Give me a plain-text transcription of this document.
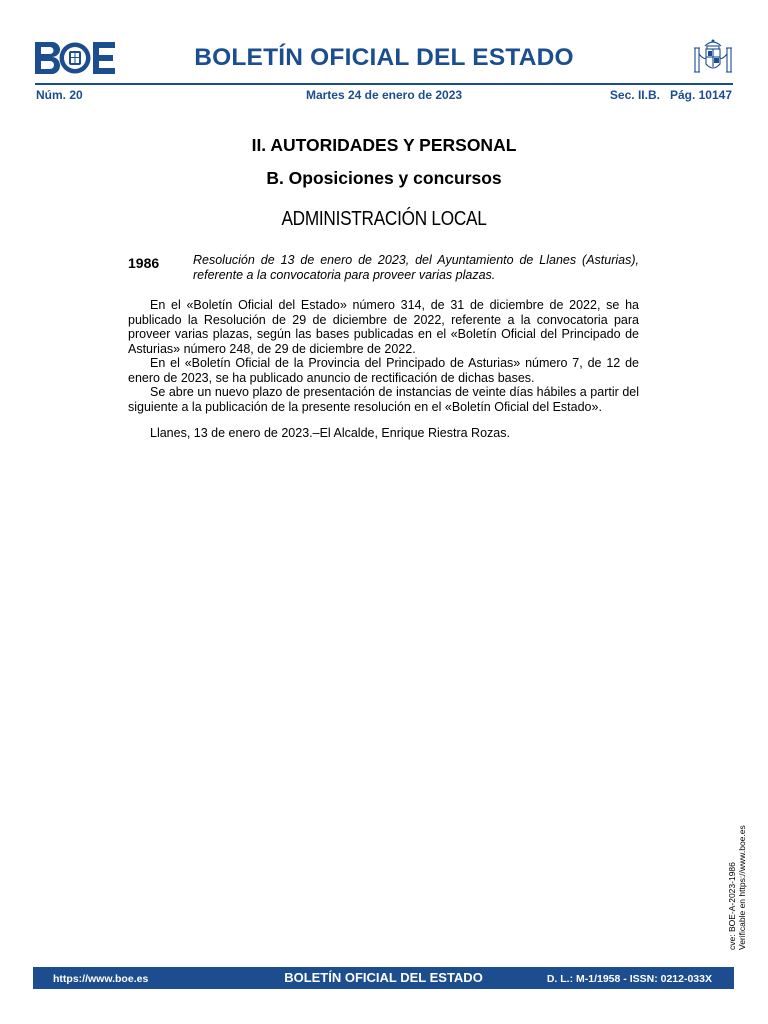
BOLETÍN OFICIAL DEL ESTADO
Núm. 20	Martes 24 de enero de 2023	Sec. II.B. Pág. 10147
II. AUTORIDADES Y PERSONAL
B. Oposiciones y concursos
ADMINISTRACIÓN LOCAL
1986	Resolución de 13 de enero de 2023, del Ayuntamiento de Llanes (Asturias), referente a la convocatoria para proveer varias plazas.

En el «Boletín Oficial del Estado» número 314, de 31 de diciembre de 2022, se ha publicado la Resolución de 29 de diciembre de 2022, referente a la convocatoria para proveer varias plazas, según las bases publicadas en el «Boletín Oficial del Principado de Asturias» número 248, de 29 de diciembre de 2022.

En el «Boletín Oficial de la Provincia del Principado de Asturias» número 7, de 12 de enero de 2023, se ha publicado anuncio de rectificación de dichas bases.

Se abre un nuevo plazo de presentación de instancias de veinte días hábiles a partir del siguiente a la publicación de la presente resolución en el «Boletín Oficial del Estado».

Llanes, 13 de enero de 2023.–El Alcalde, Enrique Riestra Rozas.

cve: BOE-A-2023-1986 Verificable en https://www.boe.es
https://www.boe.es	BOLETÍN OFICIAL DEL ESTADO	D. L.: M-1/1958 - ISSN: 0212-033X
